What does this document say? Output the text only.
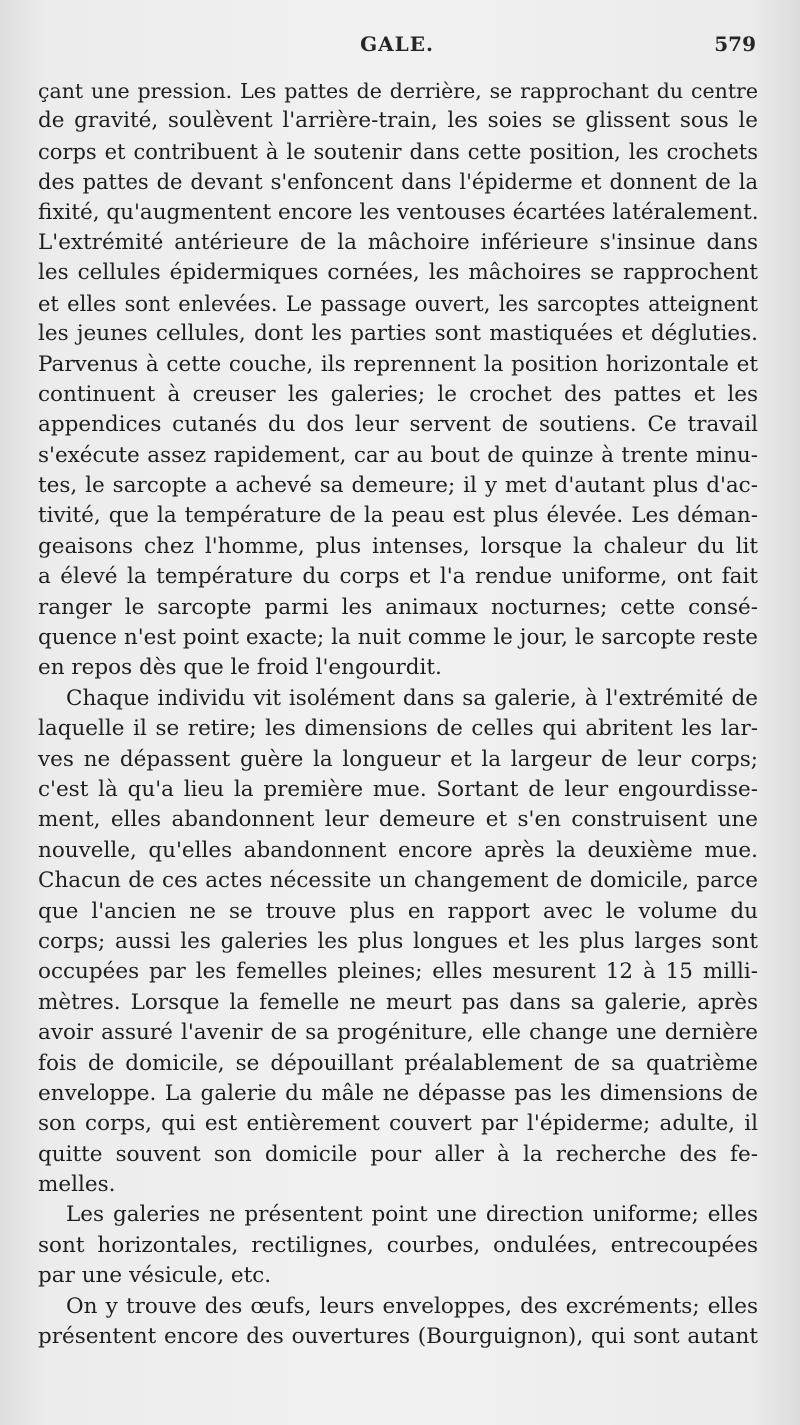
GALE.	579
çant une pression. Les pattes de derrière, se rapprochant du centre
de gravité, soulèvent l'arrière-train, les soies se glissent sous le
corps et contribuent à le soutenir dans cette position, les crochets
des pattes de devant s'enfoncent dans l'épiderme et donnent de la
fixité, qu'augmentent encore les ventouses écartées latéralement.
L'extrémité antérieure de la mâchoire inférieure s'insinue dans
les cellules épidermiques cornées, les mâchoires se rapprochent
et elles sont enlevées. Le passage ouvert, les sarcoptes atteignent
les jeunes cellules, dont les parties sont mastiquées et dégluties.
Parvenus à cette couche, ils reprennent la position horizontale et
continuent à creuser les galeries; le crochet des pattes et les
appendices cutanés du dos leur servent de soutiens. Ce travail
s'exécute assez rapidement, car au bout de quinze à trente minu-
tes, le sarcopte a achevé sa demeure; il y met d'autant plus d'ac-
tivité, que la température de la peau est plus élevée. Les déman-
geaisons chez l'homme, plus intenses, lorsque la chaleur du lit
a élevé la température du corps et l'a rendue uniforme, ont fait
ranger le sarcopte parmi les animaux nocturnes; cette consé-
quence n'est point exacte; la nuit comme le jour, le sarcopte reste
en repos dès que le froid l'engourdit.
Chaque individu vit isolément dans sa galerie, à l'extrémité de
laquelle il se retire; les dimensions de celles qui abritent les lar-
ves ne dépassent guère la longueur et la largeur de leur corps;
c'est là qu'a lieu la première mue. Sortant de leur engourdisse-
ment, elles abandonnent leur demeure et s'en construisent une
nouvelle, qu'elles abandonnent encore après la deuxième mue.
Chacun de ces actes nécessite un changement de domicile, parce
que l'ancien ne se trouve plus en rapport avec le volume du
corps; aussi les galeries les plus longues et les plus larges sont
occupées par les femelles pleines; elles mesurent 12 à 15 milli-
mètres. Lorsque la femelle ne meurt pas dans sa galerie, après
avoir assuré l'avenir de sa progéniture, elle change une dernière
fois de domicile, se dépouillant préalablement de sa quatrième
enveloppe. La galerie du mâle ne dépasse pas les dimensions de
son corps, qui est entièrement couvert par l'épiderme; adulte, il
quitte souvent son domicile pour aller à la recherche des fe-
melles.
Les galeries ne présentent point une direction uniforme; elles
sont horizontales, rectilignes, courbes, ondulées, entrecoupées
par une vésicule, etc.
On y trouve des œufs, leurs enveloppes, des excréments; elles
présentent encore des ouvertures (Bourguignon), qui sont autant
